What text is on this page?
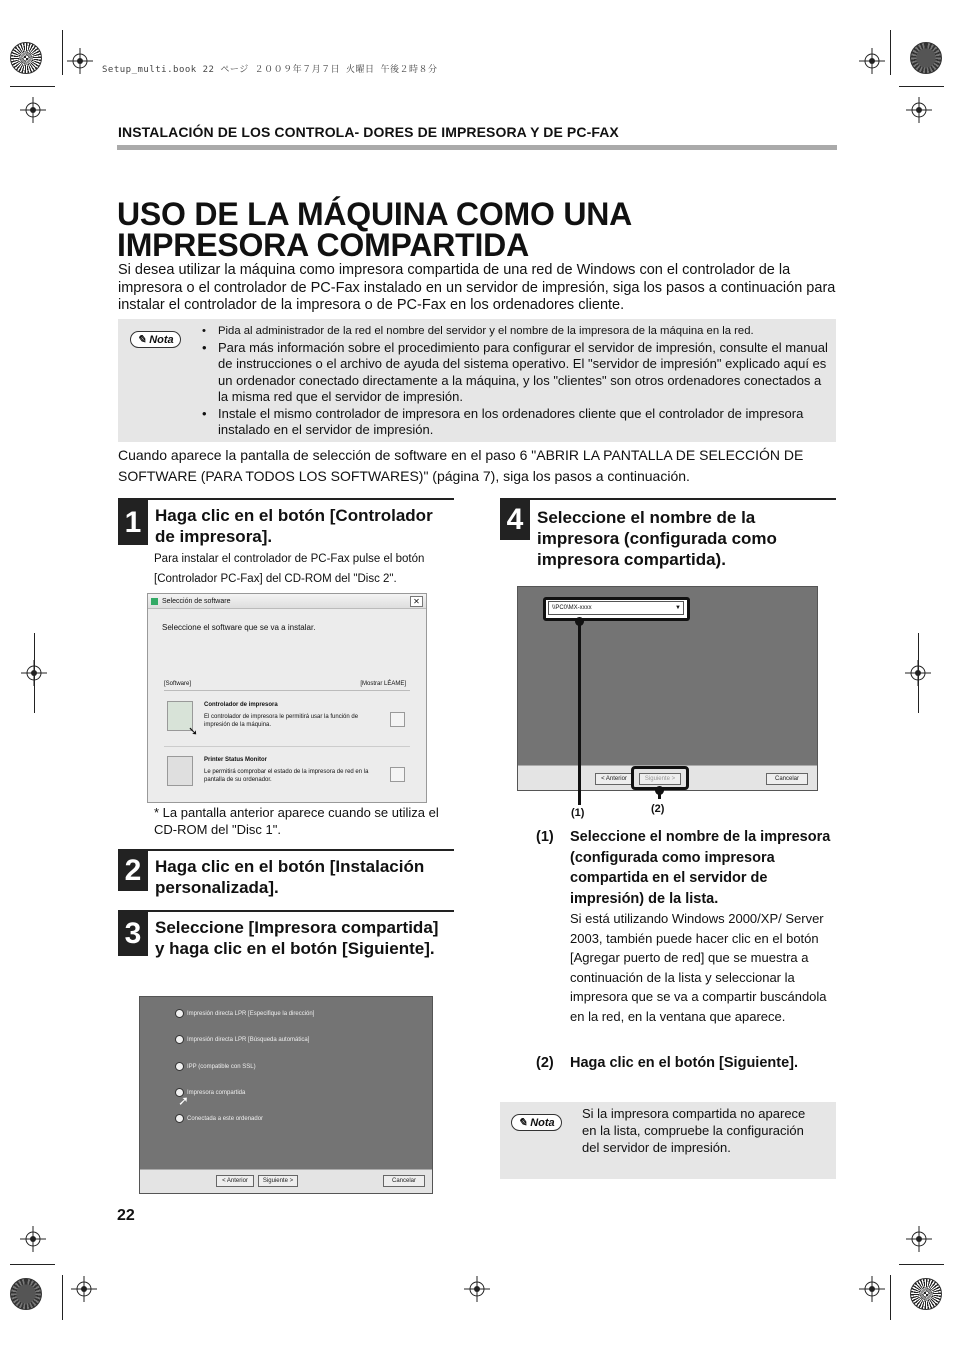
Setup_multi.book 22 ページ ２００９年７月７日 火曜日 午後２時８分
INSTALACIÓN DE LOS CONTROLA- DORES DE IMPRESORA Y DE PC-FAX
USO DE LA MÁQUINA COMO UNA
IMPRESORA COMPARTIDA
Si desea utilizar la máquina como impresora compartida de una red de Windows con el controlador de la impresora o el controlador de PC-Fax instalado en un servidor de impresión, siga los pasos a continuación para instalar el controlador de la impresora o de PC-Fax en los ordenadores cliente.
✎ Nota
• Pida al administrador de la red el nombre del servidor y el nombre de la impresora de la máquina en la red.
• Para más información sobre el procedimiento para configurar el servidor de impresión, consulte el manual de instrucciones o el archivo de ayuda del sistema operativo. El "servidor de impresión" explicado aquí es un ordenador conectado directamente a la máquina, y los "clientes" son otros ordenadores conectados a la misma red que el servidor de impresión.
• Instale el mismo controlador de impresora en los ordenadores cliente que el controlador de impresora instalado en el servidor de impresión.
Cuando aparece la pantalla de selección de software en el paso 6 "ABRIR LA PANTALLA DE SELECCIÓN DE SOFTWARE (PARA TODOS LOS SOFTWARES)" (página 7), siga los pasos a continuación.
1 Haga clic en el botón [Controlador de impresora].
Para instalar el controlador de PC-Fax pulse el botón [Controlador PC-Fax] del CD-ROM del "Disc 2".
Selección de software	✕
Seleccione el software que se va a instalar.
[Software]	[Mostrar LÉAME]
➘
Controlador de impresora
El controlador de impresora le permitirá usar la función de impresión de la máquina.
Printer Status Monitor
Le permitirá comprobar el estado de la impresora de red en la pantalla de su ordenador.
* La pantalla anterior aparece cuando se utiliza el CD-ROM del "Disc 1".
2 Haga clic en el botón [Instalación personalizada].
3 Seleccione [Impresora compartida] y haga clic en el botón [Siguiente].
Impresión directa LPR [Especifique la dirección]
Impresión directa LPR [Búsqueda automática]
IPP (compatible con SSL)
Impresora compartida
➚
Conectada a este ordenador
< Anterior	Siguiente >	Cancelar
22
4 Seleccione el nombre de la impresora (configurada como impresora compartida).
\\PC0\MX-xxxx	▼
< Anterior	Siguiente >	Cancelar
(1)	(2)
(1) Seleccione el nombre de la impresora (configurada como impresora compartida en el servidor de impresión) de la lista.
Si está utilizando Windows 2000/XP/ Server 2003, también puede hacer clic en el botón [Agregar puerto de red] que se muestra a continuación de la lista y seleccionar la impresora que se va a compartir buscándola en la red, en la ventana que aparece.
(2) Haga clic en el botón [Siguiente].
✎ Nota
Si la impresora compartida no aparece en la lista, compruebe la configuración del servidor de impresión.
